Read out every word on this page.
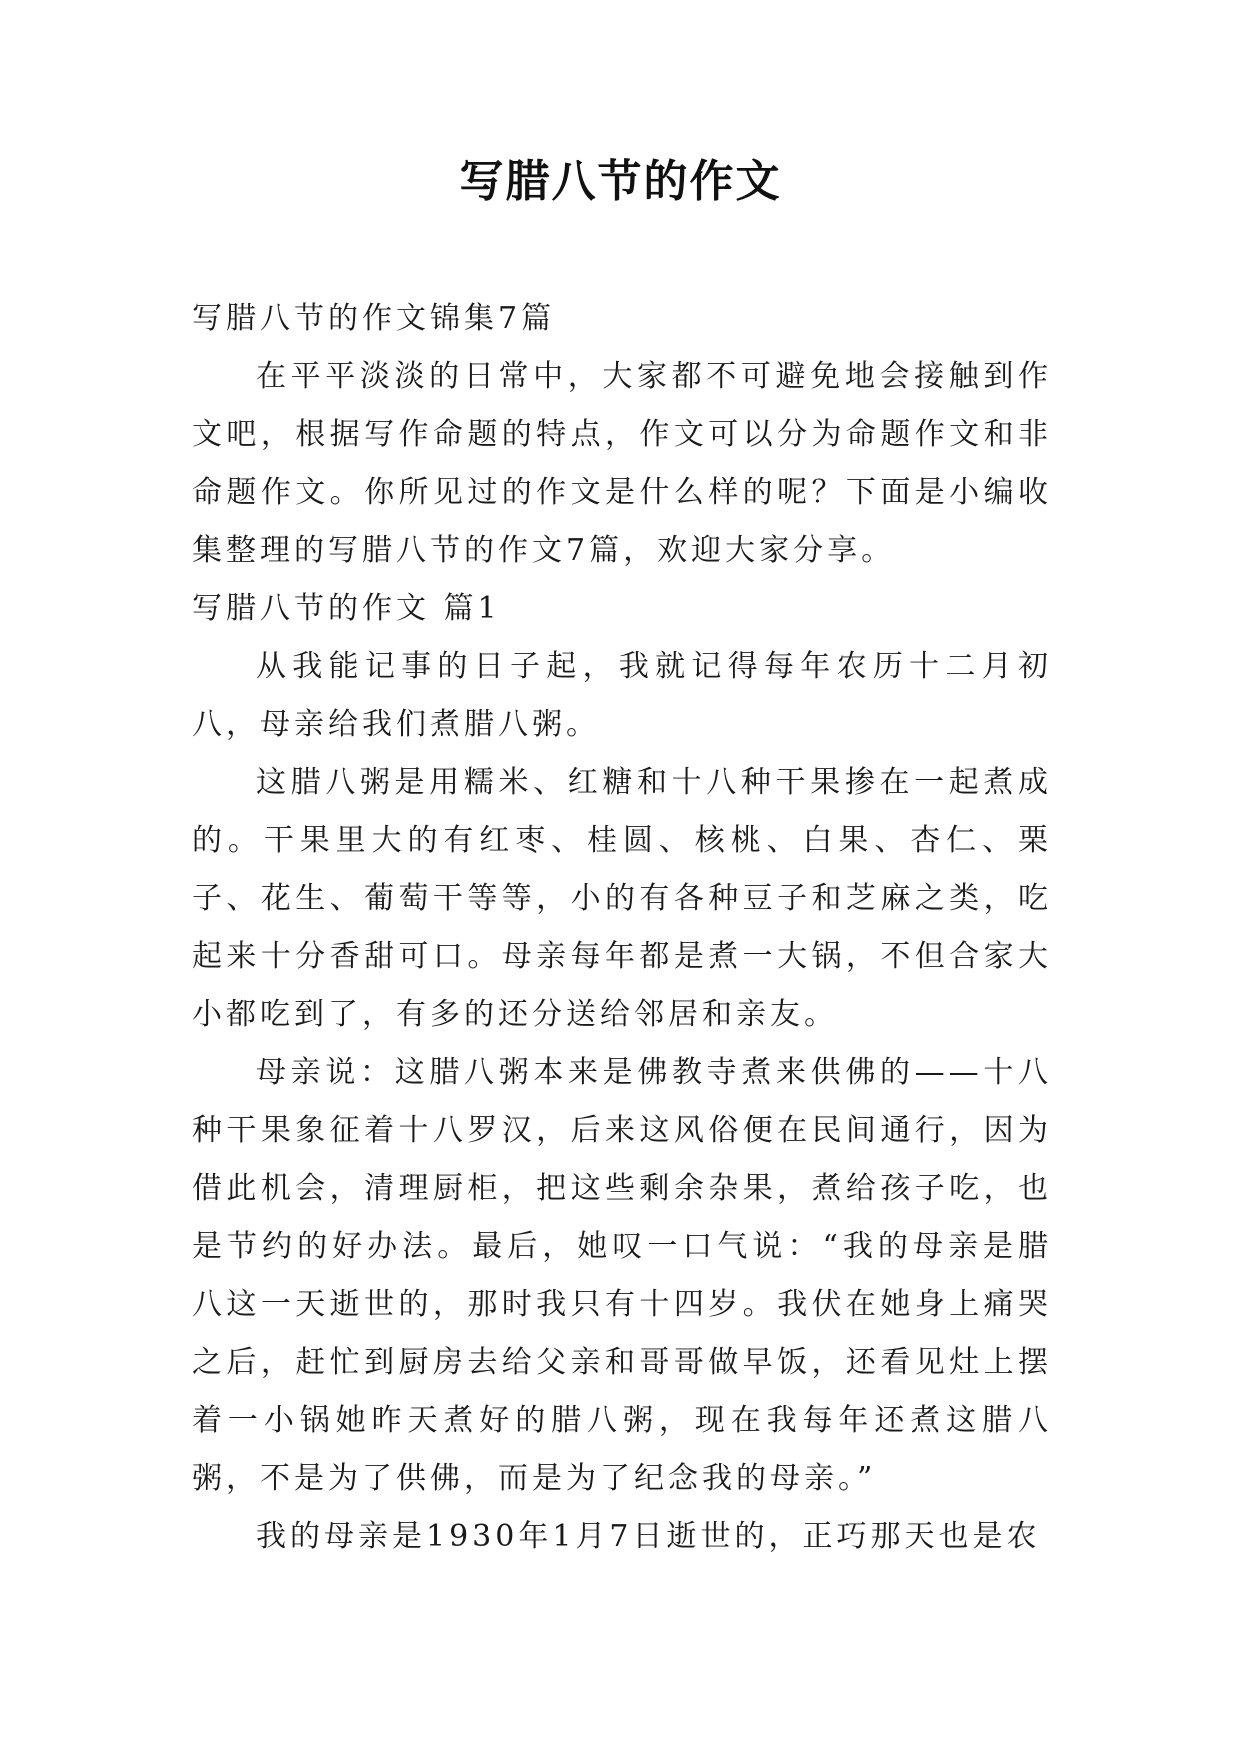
写腊八节的作文

写腊八节的作文锦集7篇

在平平淡淡的日常中，大家都不可避免地会接触到作文吧，根据写作命题的特点，作文可以分为命题作文和非命题作文。你所见过的作文是什么样的呢？下面是小编收集整理的写腊八节的作文7篇，欢迎大家分享。

写腊八节的作文 篇1

从我能记事的日子起，我就记得每年农历十二月初八，母亲给我们煮腊八粥。

这腊八粥是用糯米、红糖和十八种干果掺在一起煮成的。干果里大的有红枣、桂圆、核桃、白果、杏仁、栗子、花生、葡萄干等等，小的有各种豆子和芝麻之类，吃起来十分香甜可口。母亲每年都是煮一大锅，不但合家大小都吃到了，有多的还分送给邻居和亲友。

母亲说：这腊八粥本来是佛教寺煮来供佛的——十八种干果象征着十八罗汉，后来这风俗便在民间通行，因为借此机会，清理厨柜，把这些剩余杂果，煮给孩子吃，也是节约的好办法。最后，她叹一口气说：“我的母亲是腊八这一天逝世的，那时我只有十四岁。我伏在她身上痛哭之后，赶忙到厨房去给父亲和哥哥做早饭，还看见灶上摆着一小锅她昨天煮好的腊八粥，现在我每年还煮这腊八粥，不是为了供佛，而是为了纪念我的母亲。”

我的母亲是1930年1月7日逝世的，正巧那天也是农
